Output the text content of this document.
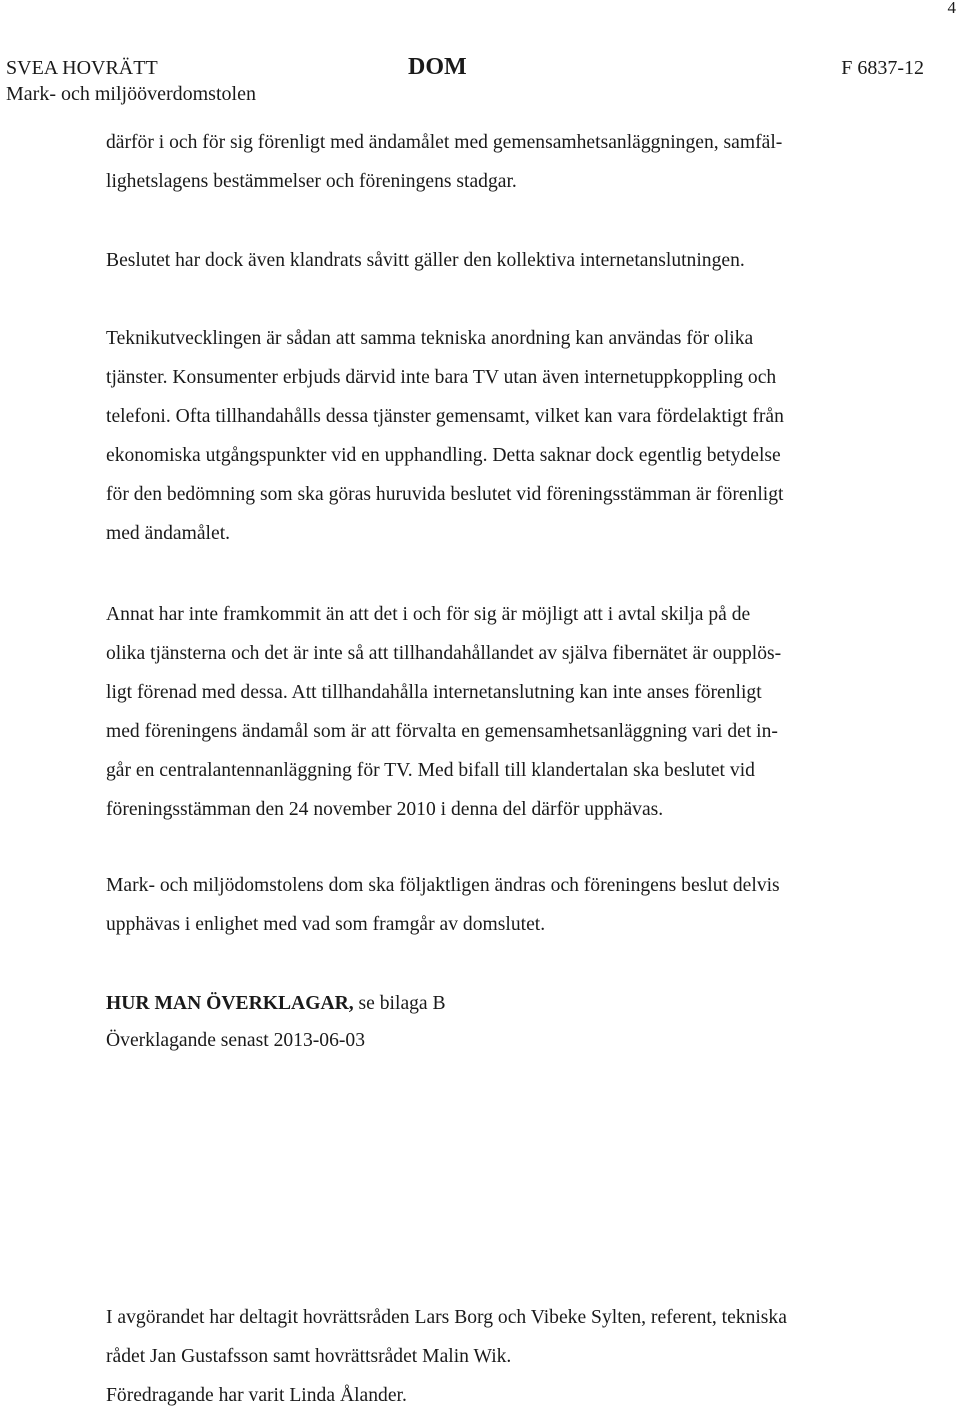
4
SVEA HOVRÄTT
Mark- och miljööverdomstolen
DOM	F 6837-12
därför i och för sig förenligt med ändamålet med gemensamhetsanläggningen, samfäl-
lighetslagens bestämmelser och föreningens stadgar.
Beslutet har dock även klandrats såvitt gäller den kollektiva internetanslutningen.
Teknikutvecklingen är sådan att samma tekniska anordning kan användas för olika
tjänster. Konsumenter erbjuds därvid inte bara TV utan även internetuppkoppling och
telefoni. Ofta tillhandahålls dessa tjänster gemensamt, vilket kan vara fördelaktigt från
ekonomiska utgångspunkter vid en upphandling. Detta saknar dock egentlig betydelse
för den bedömning som ska göras huruvida beslutet vid föreningsstämman är förenligt
med ändamålet.
Annat har inte framkommit än att det i och för sig är möjligt att i avtal skilja på de
olika tjänsterna och det är inte så att tillhandahållandet av själva fibernätet är oupplös-
ligt förenad med dessa. Att tillhandahålla internetanslutning kan inte anses förenligt
med föreningens ändamål som är att förvalta en gemensamhetsanläggning vari det in-
går en centralantennanläggning för TV. Med bifall till klandertalan ska beslutet vid
föreningsstämman den 24 november 2010 i denna del därför upphävas.
Mark- och miljödomstolens dom ska följaktligen ändras och föreningens beslut delvis
upphävas i enlighet med vad som framgår av domslutet.
HUR MAN ÖVERKLAGAR, se bilaga B
Överklagande senast 2013-06-03
I avgörandet har deltagit hovrättsråden Lars Borg och Vibeke Sylten, referent, tekniska
rådet Jan Gustafsson samt hovrättsrådet Malin Wik.
Föredragande har varit Linda Ålander.
